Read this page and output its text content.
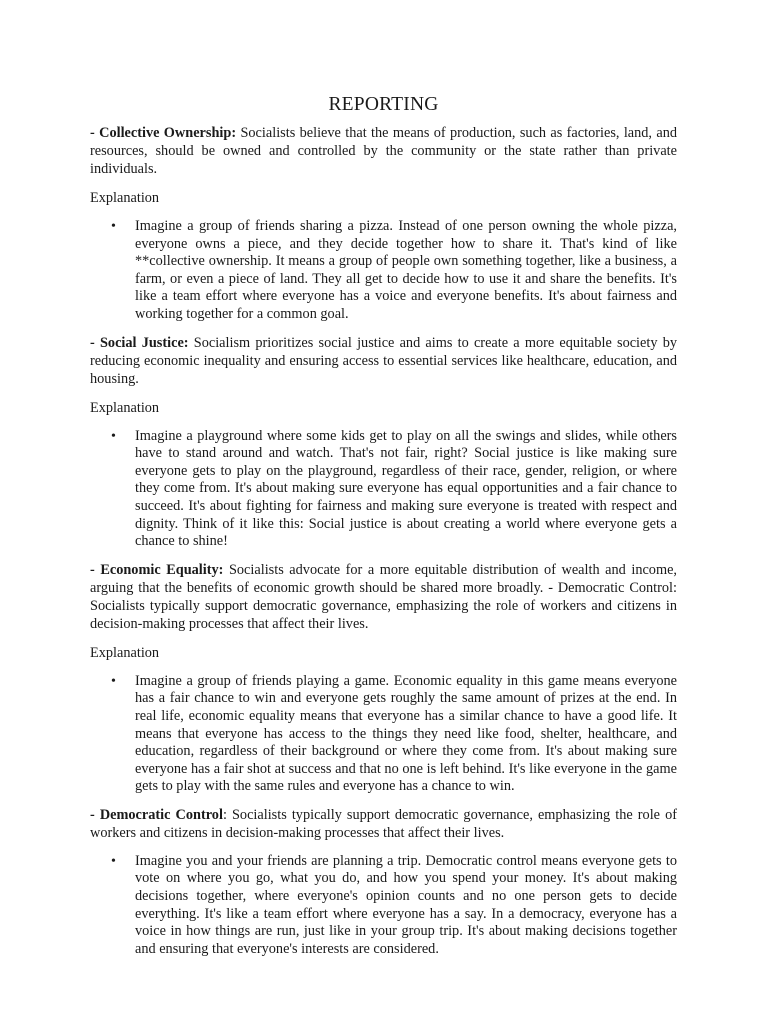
REPORTING

- Collective Ownership: Socialists believe that the means of production, such as factories, land, and resources, should be owned and controlled by the community or the state rather than private individuals.

Explanation

• Imagine a group of friends sharing a pizza. Instead of one person owning the whole pizza, everyone owns a piece, and they decide together how to share it. That's kind of like **collective ownership. It means a group of people own something together, like a business, a farm, or even a piece of land. They all get to decide how to use it and share the benefits. It's like a team effort where everyone has a voice and everyone benefits. It's about fairness and working together for a common goal.

- Social Justice: Socialism prioritizes social justice and aims to create a more equitable society by reducing economic inequality and ensuring access to essential services like healthcare, education, and housing.

Explanation

• Imagine a playground where some kids get to play on all the swings and slides, while others have to stand around and watch. That's not fair, right? Social justice is like making sure everyone gets to play on the playground, regardless of their race, gender, religion, or where they come from. It's about making sure everyone has equal opportunities and a fair chance to succeed. It's about fighting for fairness and making sure everyone is treated with respect and dignity. Think of it like this: Social justice is about creating a world where everyone gets a chance to shine!

- Economic Equality: Socialists advocate for a more equitable distribution of wealth and income, arguing that the benefits of economic growth should be shared more broadly. - Democratic Control: Socialists typically support democratic governance, emphasizing the role of workers and citizens in decision-making processes that affect their lives.

Explanation

• Imagine a group of friends playing a game. Economic equality in this game means everyone has a fair chance to win and everyone gets roughly the same amount of prizes at the end. In real life, economic equality means that everyone has a similar chance to have a good life. It means that everyone has access to the things they need like food, shelter, healthcare, and education, regardless of their background or where they come from. It's about making sure everyone has a fair shot at success and that no one is left behind. It's like everyone in the game gets to play with the same rules and everyone has a chance to win.

- Democratic Control: Socialists typically support democratic governance, emphasizing the role of workers and citizens in decision-making processes that affect their lives.

• Imagine you and your friends are planning a trip. Democratic control means everyone gets to vote on where you go, what you do, and how you spend your money. It's about making decisions together, where everyone's opinion counts and no one person gets to decide everything. It's like a team effort where everyone has a say. In a democracy, everyone has a voice in how things are run, just like in your group trip. It's about making decisions together and ensuring that everyone's interests are considered.
